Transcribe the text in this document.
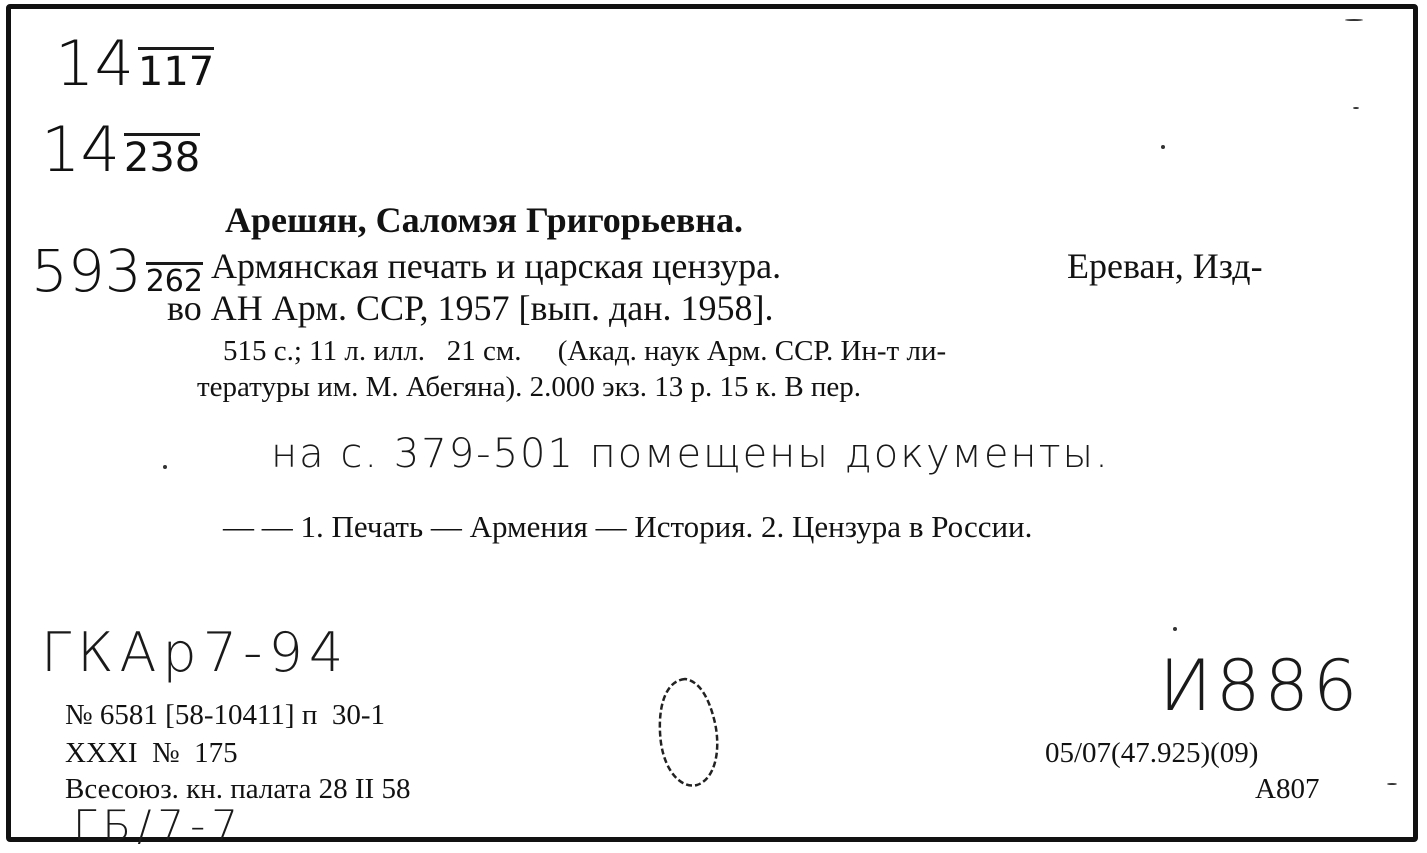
14 117
14 238
593 262
Арешян, Саломэя Григорьевна.
Армянская печать и царская цензура.	Ереван, Изд-
во АН Арм. ССР, 1957 [вып. дан. 1958].
515 с.; 11 л. илл.   21 см.     (Акад. наук Арм. ССР. Ин-т ли-
тературы им. М. Абегяна). 2.000 экз. 13 р. 15 к. В пер.
на с. 379-501 помещены документы.
— — 1. Печать — Армения — История. 2. Цензура в России.
ГКАр7-94
№ 6581 [58-10411] п  30-1
XXXI  №  175
Всесоюз. кн. палата 28 II 58
ГБ/7-7
И886
05/07(47.925)(09)
А807
